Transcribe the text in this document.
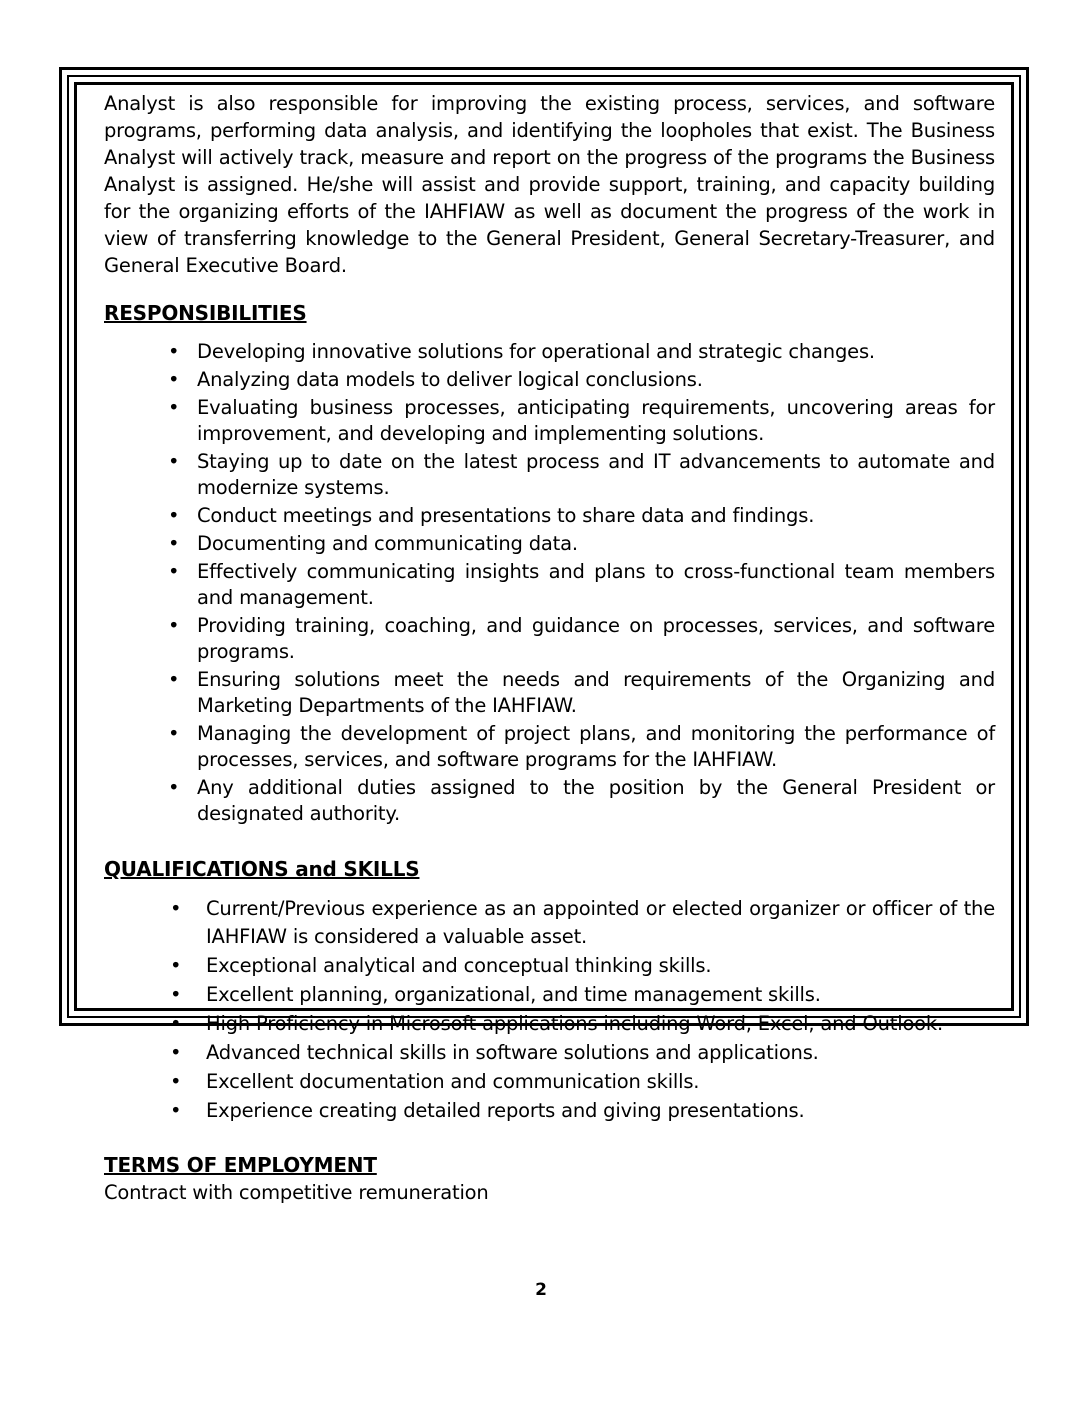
Analyst is also responsible for improving the existing process, services, and software programs, performing data analysis, and identifying the loopholes that exist. The Business Analyst will actively track, measure and report on the progress of the programs the Business Analyst is assigned. He/she will assist and provide support, training, and capacity building for the organizing efforts of the IAHFIAW as well as document the progress of the work in view of transferring knowledge to the General President, General Secretary-Treasurer, and General Executive Board.

RESPONSIBILITIES
• Developing innovative solutions for operational and strategic changes.
• Analyzing data models to deliver logical conclusions.
• Evaluating business processes, anticipating requirements, uncovering areas for improvement, and developing and implementing solutions.
• Staying up to date on the latest process and IT advancements to automate and modernize systems.
• Conduct meetings and presentations to share data and findings.
• Documenting and communicating data.
• Effectively communicating insights and plans to cross-functional team members and management.
• Providing training, coaching, and guidance on processes, services, and software programs.
• Ensuring solutions meet the needs and requirements of the Organizing and Marketing Departments of the IAHFIAW.
• Managing the development of project plans, and monitoring the performance of processes, services, and software programs for the IAHFIAW.
• Any additional duties assigned to the position by the General President or designated authority.
QUALIFICATIONS and SKILLS
• Current/Previous experience as an appointed or elected organizer or officer of the IAHFIAW is considered a valuable asset.
• Exceptional analytical and conceptual thinking skills.
• Excellent planning, organizational, and time management skills.
• High Proficiency in Microsoft applications including Word, Excel, and Outlook.
• Advanced technical skills in software solutions and applications.
• Excellent documentation and communication skills.
• Experience creating detailed reports and giving presentations.
TERMS OF EMPLOYMENT

Contract with competitive remuneration

2
